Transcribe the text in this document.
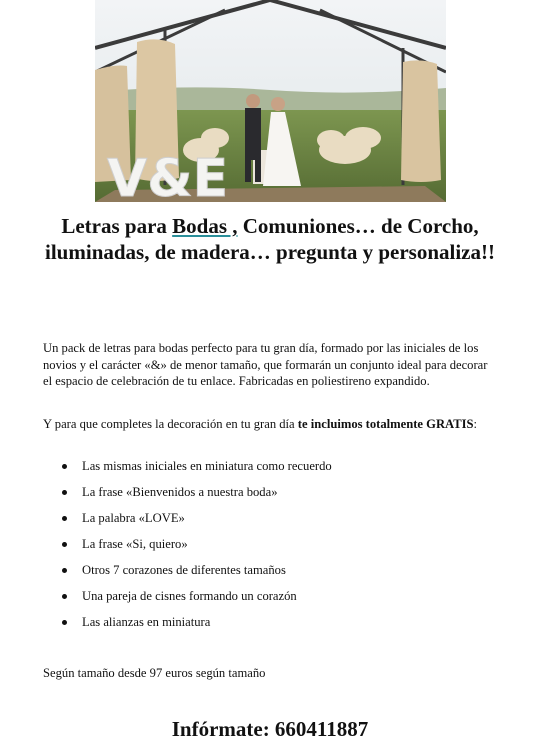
V&E
Letras para Bodas , Comuniones… de Corcho, iluminadas, de madera… pregunta y personaliza!!
Un pack de letras para bodas perfecto para tu gran día, formado por las iniciales de los novios y el carácter «&» de menor tamaño, que formarán un conjunto ideal para decorar el espacio de celebración de tu enlace. Fabricadas en poliestireno expandido.
Y para que completes la decoración en tu gran día te incluimos totalmente GRATIS:
Las mismas iniciales en miniatura como recuerdo
La frase «Bienvenidos a nuestra boda»
La palabra «LOVE»
La frase «Si, quiero»
Otros 7 corazones de diferentes tamaños
Una pareja de cisnes formando un corazón
Las alianzas en miniatura
Según tamaño desde 97 euros según tamaño
Infórmate: 660411887
